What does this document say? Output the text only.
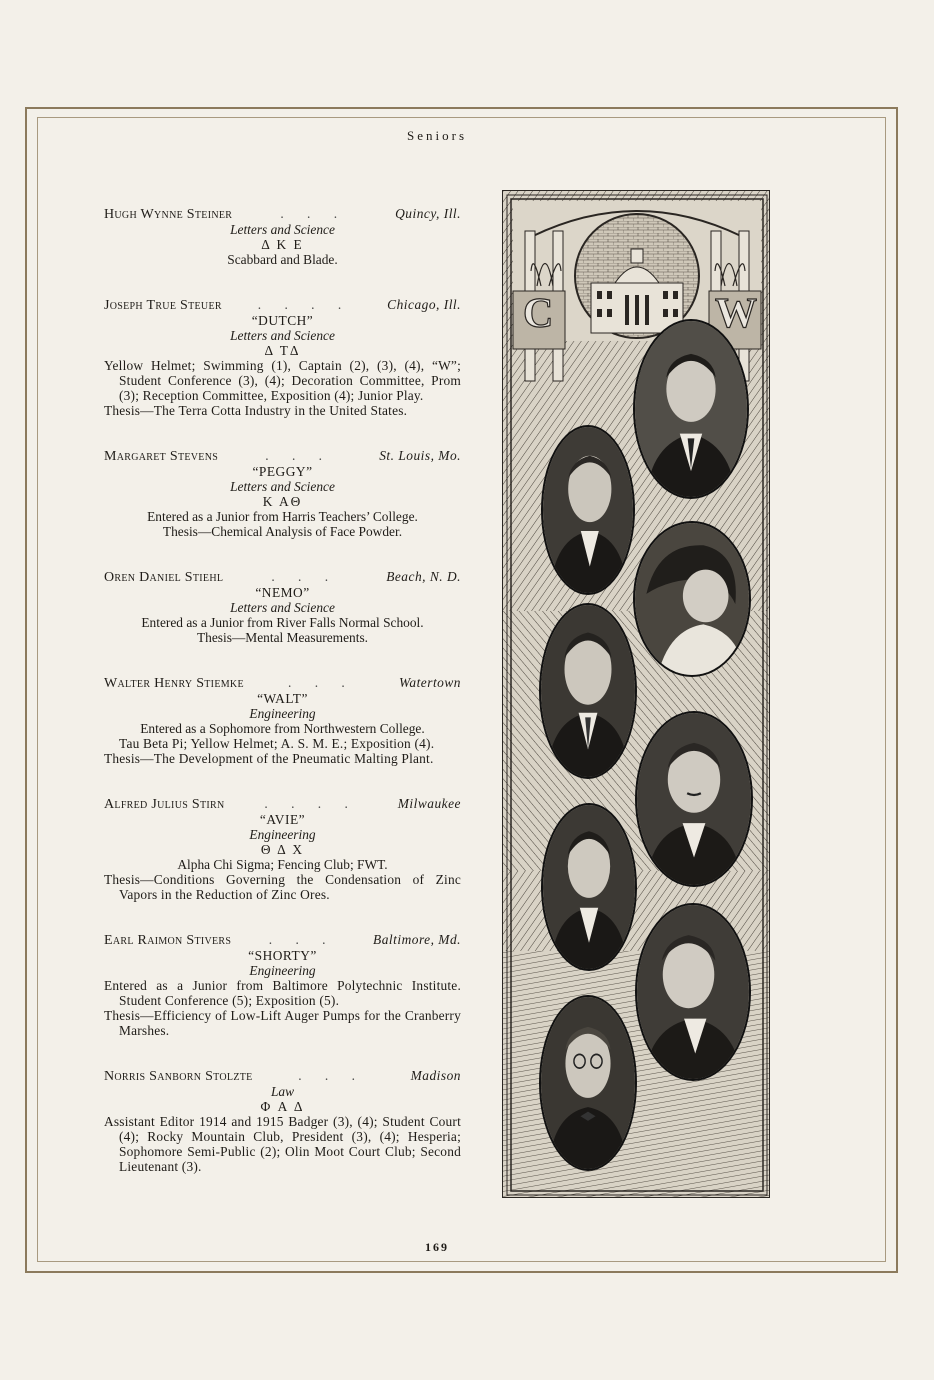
Seniors
Hugh Wynne Steiner	. . .	Quincy, Ill.
Letters and Science
Δ K E
Scabbard and Blade.
Joseph True Steuer	. . . .	Chicago, Ill.
“DUTCH”
Letters and Science
Δ TΔ
Yellow Helmet; Swimming (1), Captain (2), (3), (4), “W”; Student Conference (3), (4); Decoration Committee, Prom (3); Reception Committee, Exposition (4); Junior Play.
Thesis—The Terra Cotta Industry in the United States.
Margaret Stevens	. . .	St. Louis, Mo.
“PEGGY”
Letters and Science
K AΘ
Entered as a Junior from Harris Teachers’ College.
Thesis—Chemical Analysis of Face Powder.
Oren Daniel Stiehl	. . .	Beach, N. D.
“NEMO”
Letters and Science
Entered as a Junior from River Falls Normal School.
Thesis—Mental Measurements.
Walter Henry Stiemke	. . .	Watertown
“WALT”
Engineering
Entered as a Sophomore from Northwestern College.
Tau Beta Pi; Yellow Helmet; A. S. M. E.; Exposition (4).
Thesis—The Development of the Pneumatic Malting Plant.
Alfred Julius Stirn	. . . .	Milwaukee
“AVIE”
Engineering
Θ Δ X
Alpha Chi Sigma; Fencing Club; FWT.
Thesis—Conditions Governing the Condensation of Zinc Vapors in the Reduction of Zinc Ores.
Earl Raimon Stivers	. . .	Baltimore, Md.
“SHORTY”
Engineering
Entered as a Junior from Baltimore Polytechnic Institute. Student Conference (5); Exposition (5).
Thesis—Efficiency of Low-Lift Auger Pumps for the Cranberry Marshes.
Norris Sanborn Stolzte	. . .	Madison
Law
Φ A Δ
Assistant Editor 1914 and 1915 Badger (3), (4); Student Court (4); Rocky Mountain Club, President (3), (4); Hesperia; Sophomore Semi-Public (2); Olin Moot Court Club; Second Lieutenant (3).
C	W
169
